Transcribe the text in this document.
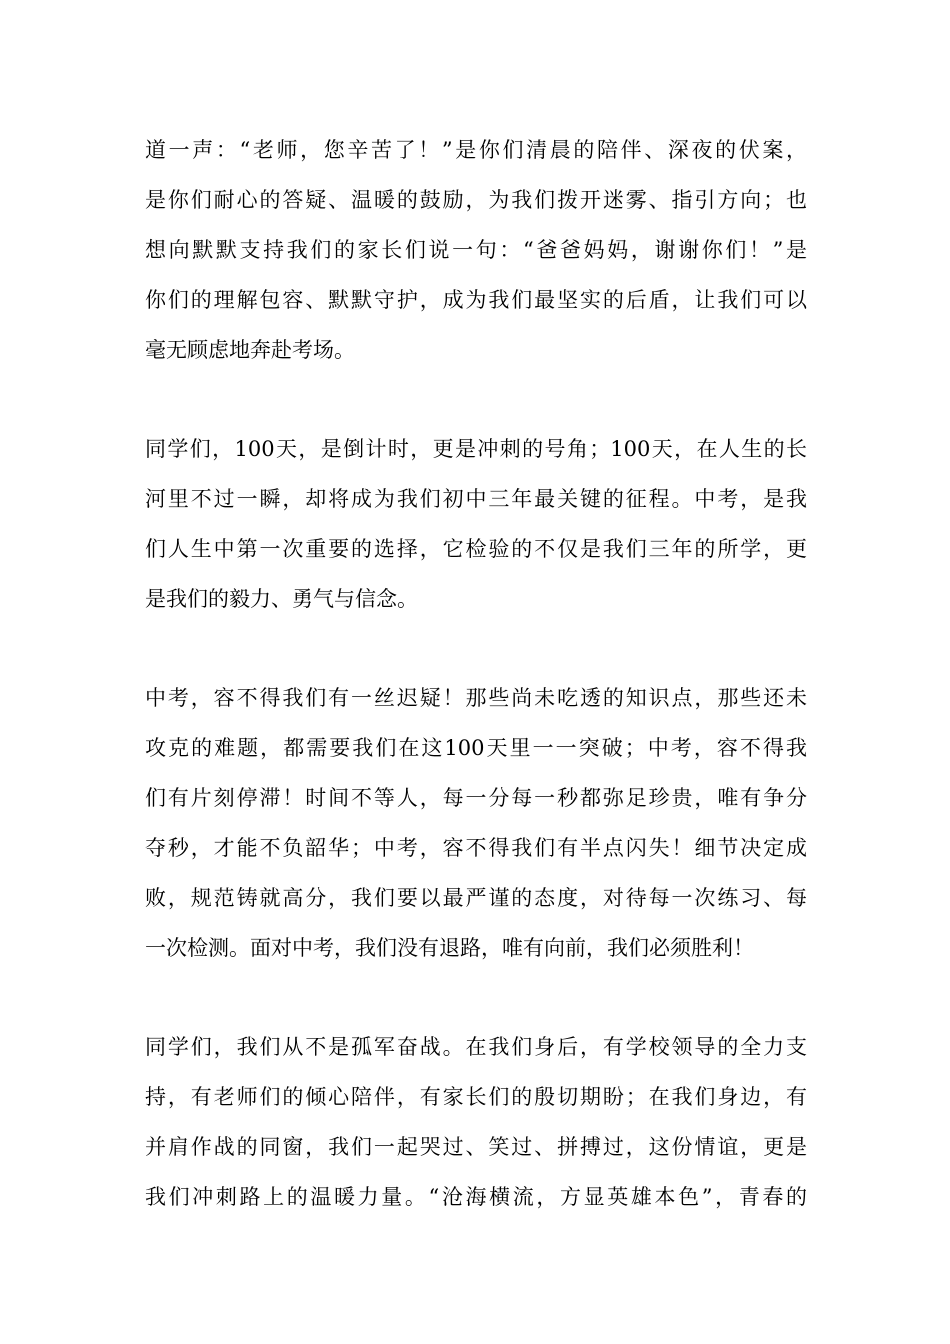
道一声：“老师，您辛苦了！”是你们清晨的陪伴、深夜的伏案，
是你们耐心的答疑、温暖的鼓励，为我们拨开迷雾、指引方向；也
想向默默支持我们的家长们说一句：“爸爸妈妈，谢谢你们！”是
你们的理解包容、默默守护，成为我们最坚实的后盾，让我们可以
毫无顾虑地奔赴考场。
同学们，100天，是倒计时，更是冲刺的号角；100天，在人生的长
河里不过一瞬，却将成为我们初中三年最关键的征程。中考，是我
们人生中第一次重要的选择，它检验的不仅是我们三年的所学，更
是我们的毅力、勇气与信念。
中考，容不得我们有一丝迟疑！那些尚未吃透的知识点，那些还未
攻克的难题，都需要我们在这100天里一一突破；中考，容不得我
们有片刻停滞！时间不等人，每一分每一秒都弥足珍贵，唯有争分
夺秒，才能不负韶华；中考，容不得我们有半点闪失！细节决定成
败，规范铸就高分，我们要以最严谨的态度，对待每一次练习、每
一次检测。面对中考，我们没有退路，唯有向前，我们必须胜利！
同学们，我们从不是孤军奋战。在我们身后，有学校领导的全力支
持，有老师们的倾心陪伴，有家长们的殷切期盼；在我们身边，有
并肩作战的同窗，我们一起哭过、笑过、拼搏过，这份情谊，更是
我们冲刺路上的温暖力量。“沧海横流，方显英雄本色”，青春的
